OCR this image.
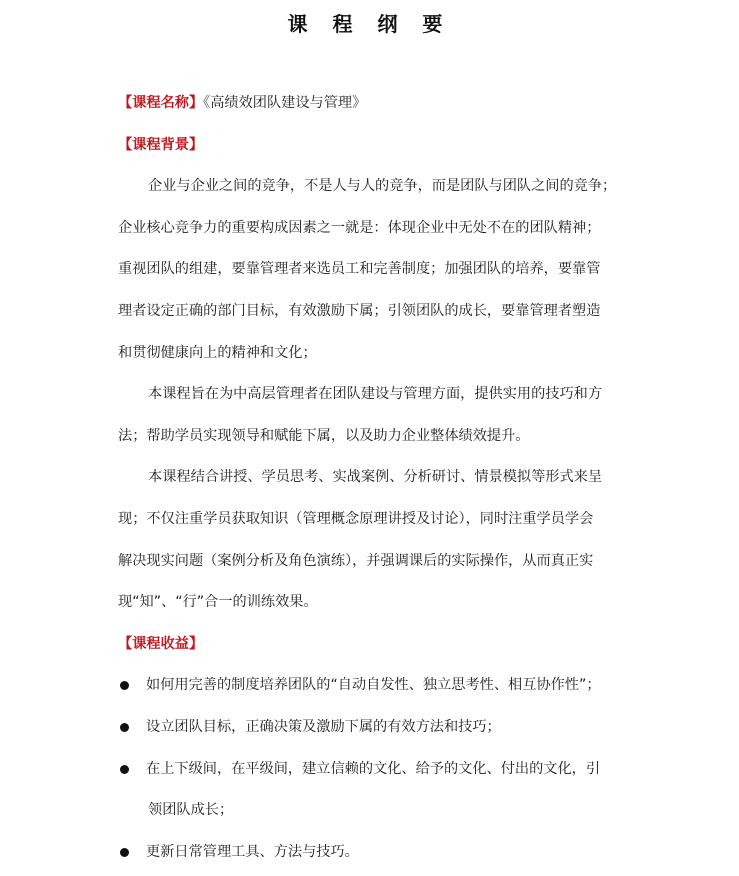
课 程 纲 要
【课程名称】《高绩效团队建设与管理》
【课程背景】
企业与企业之间的竞争，不是人与人的竞争，而是团队与团队之间的竞争；
企业核心竞争力的重要构成因素之一就是：体现企业中无处不在的团队精神；
重视团队的组建，要靠管理者来选员工和完善制度；加强团队的培养，要靠管
理者设定正确的部门目标，有效激励下属；引领团队的成长，要靠管理者塑造
和贯彻健康向上的精神和文化；
本课程旨在为中高层管理者在团队建设与管理方面，提供实用的技巧和方
法；帮助学员实现领导和赋能下属，以及助力企业整体绩效提升。
本课程结合讲授、学员思考、实战案例、分析研讨、情景模拟等形式来呈
现；不仅注重学员获取知识（管理概念原理讲授及讨论），同时注重学员学会
解决现实问题（案例分析及角色演练），并强调课后的实际操作，从而真正实
现“知”、“行”合一的训练效果。
【课程收益】
如何用完善的制度培养团队的“自动自发性、独立思考性、相互协作性”；
设立团队目标，正确决策及激励下属的有效方法和技巧；
在上下级间，在平级间，建立信赖的文化、给予的文化、付出的文化，引
领团队成长；
更新日常管理工具、方法与技巧。
